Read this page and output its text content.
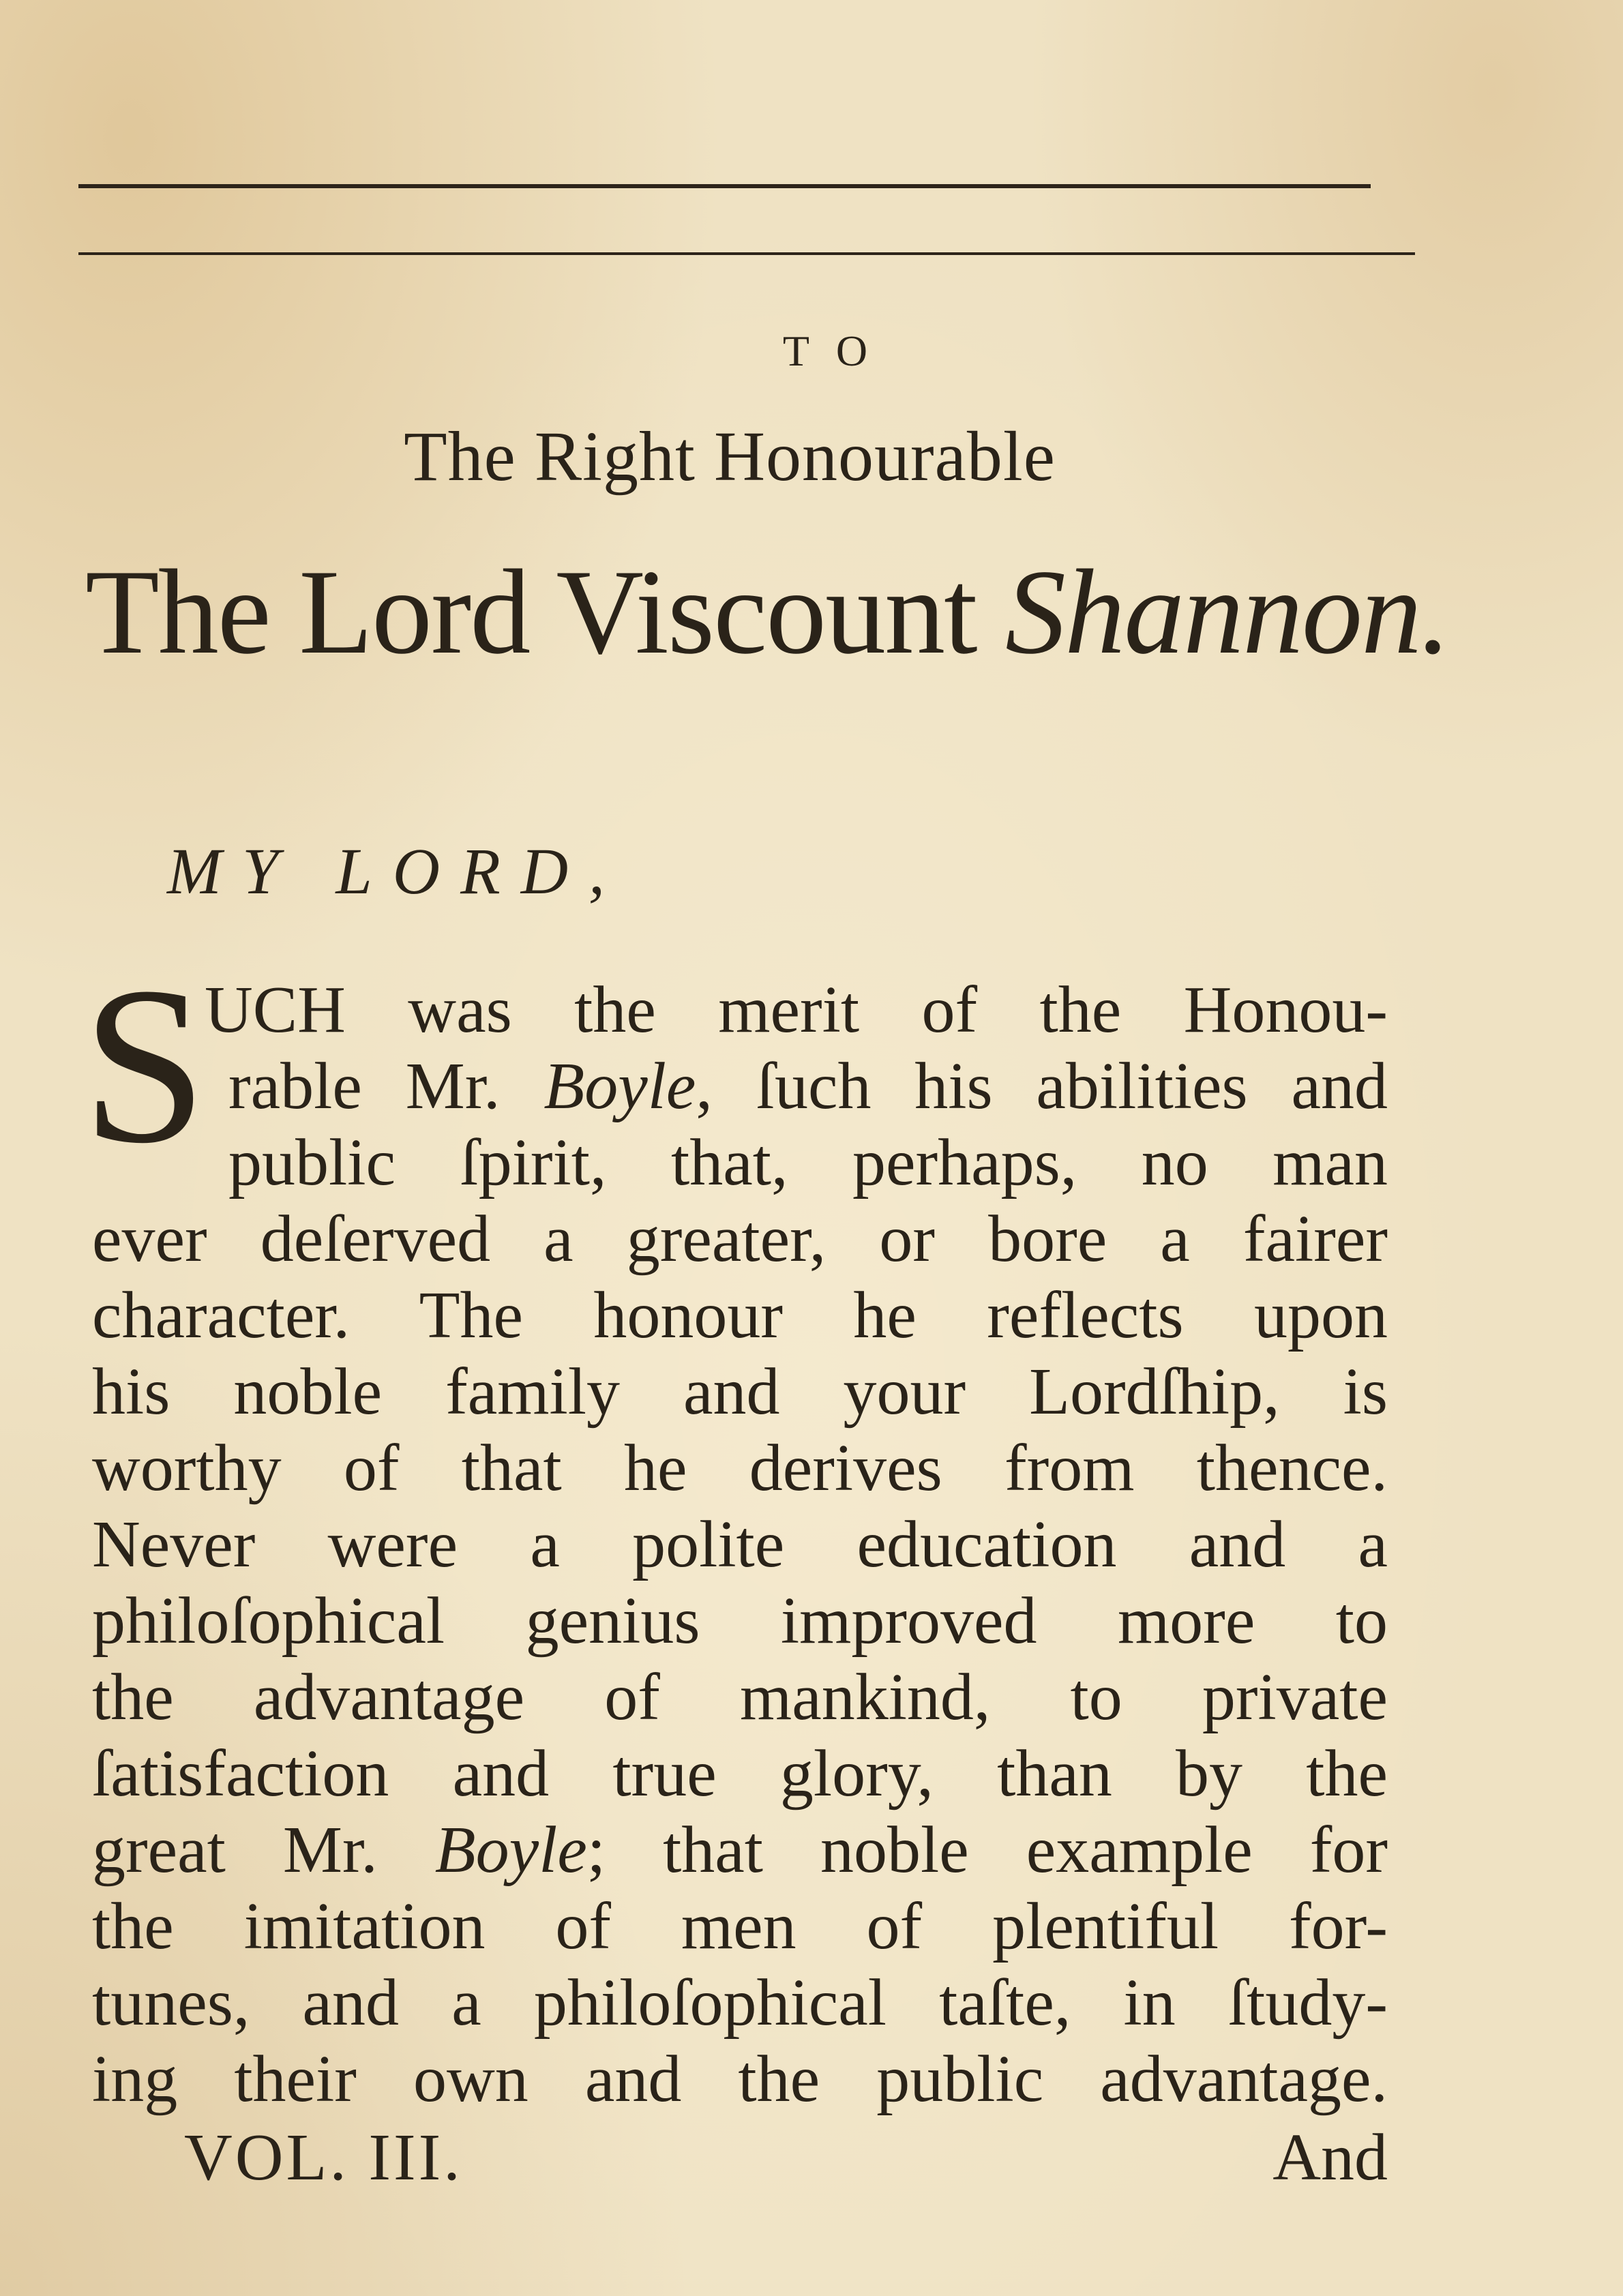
TO
The Right Honourable
The Lord Viscount Shannon.
MY LORD,
S
UCH was the merit of the Honou-
rable Mr. Boyle, ſuch his abilities and
public ſpirit, that, perhaps, no man
ever deſerved a greater, or bore a fairer
character. The honour he reflects upon
his noble family and your Lordſhip, is
worthy of that he derives from thence.
Never were a polite education and a
philoſophical genius improved more to
the advantage of mankind, to private
ſatisfaction and true glory, than by the
great Mr. Boyle; that noble example for
the imitation of men of plentiful for-
tunes, and a philoſophical taſte, in ſtudy-
ing their own and the public advantage.
VOL. III.	And
